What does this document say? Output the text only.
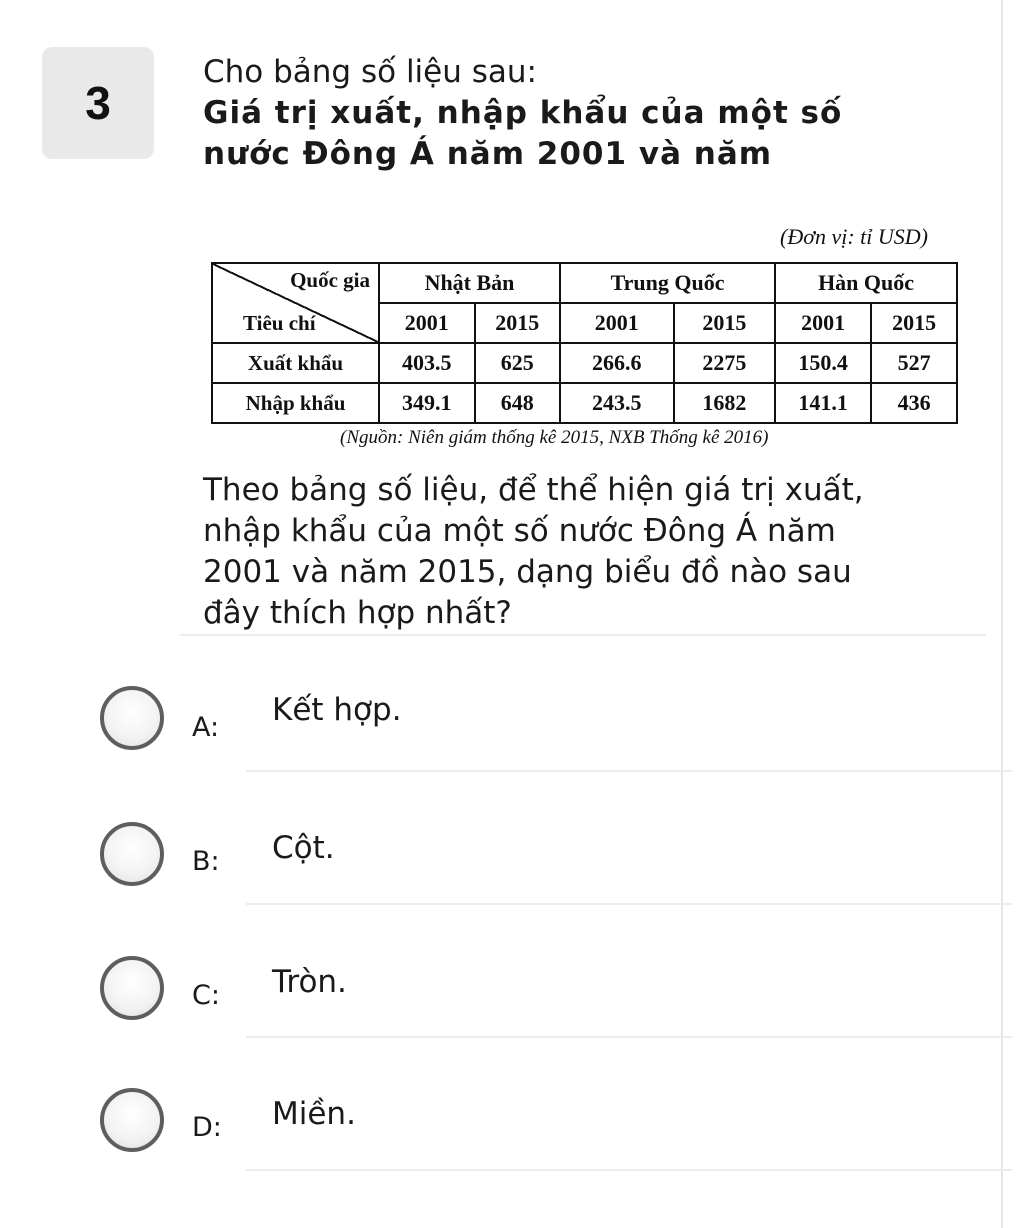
3
Cho bảng số liệu sau:
Giá trị xuất, nhập khẩu của một số
nước Đông Á năm 2001 và năm
(Đơn vị: tỉ USD)
Quốc gia
Tiêu chí	Nhật Bản		Trung Quốc		Hàn Quốc	
	2001	2015	2001	2015	2001	2015
Xuất khẩu	403.5	625	266.6	2275	150.4	527
Nhập khẩu	349.1	648	243.5	1682	141.1	436
(Nguồn: Niên giám thống kê 2015, NXB Thống kê 2016)
Theo bảng số liệu, để thể hiện giá trị xuất,
nhập khẩu của một số nước Đông Á năm
2001 và năm 2015, dạng biểu đồ nào sau
đây thích hợp nhất?
A: Kết hợp.
B: Cột.
C: Tròn.
D: Miền.
